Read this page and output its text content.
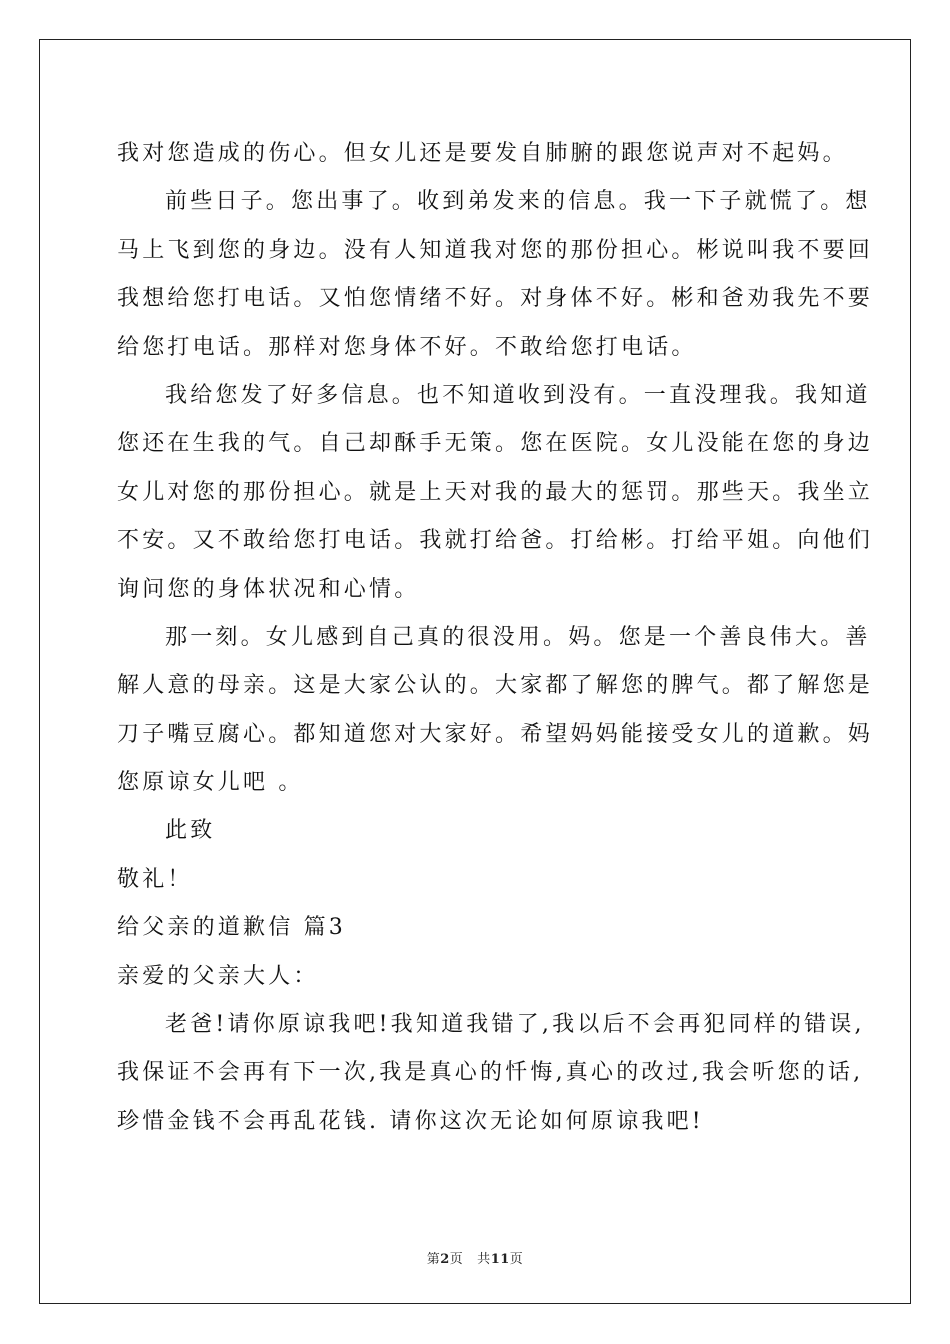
我对您造成的伤心。但女儿还是要发自肺腑的跟您说声对不起妈。
前些日子。您出事了。收到弟发来的信息。我一下子就慌了。想
马上飞到您的身边。没有人知道我对您的那份担心。彬说叫我不要回
我想给您打电话。又怕您情绪不好。对身体不好。彬和爸劝我先不要
给您打电话。那样对您身体不好。不敢给您打电话。
我给您发了好多信息。也不知道收到没有。一直没理我。我知道
您还在生我的气。自己却酥手无策。您在医院。女儿没能在您的身边
女儿对您的那份担心。就是上天对我的最大的惩罚。那些天。我坐立
不安。又不敢给您打电话。我就打给爸。打给彬。打给平姐。向他们
询问您的身体状况和心情。
那一刻。女儿感到自己真的很没用。妈。您是一个善良伟大。善
解人意的母亲。这是大家公认的。大家都了解您的脾气。都了解您是
刀子嘴豆腐心。都知道您对大家好。希望妈妈能接受女儿的道歉。妈
您原谅女儿吧 。
此致
敬礼！
给父亲的道歉信 篇3
亲爱的父亲大人：
老爸!请你原谅我吧!我知道我错了,我以后不会再犯同样的错误,
我保证不会再有下一次,我是真心的忏悔,真心的改过,我会听您的话,
珍惜金钱不会再乱花钱. 请你这次无论如何原谅我吧!
第2页 共11页
